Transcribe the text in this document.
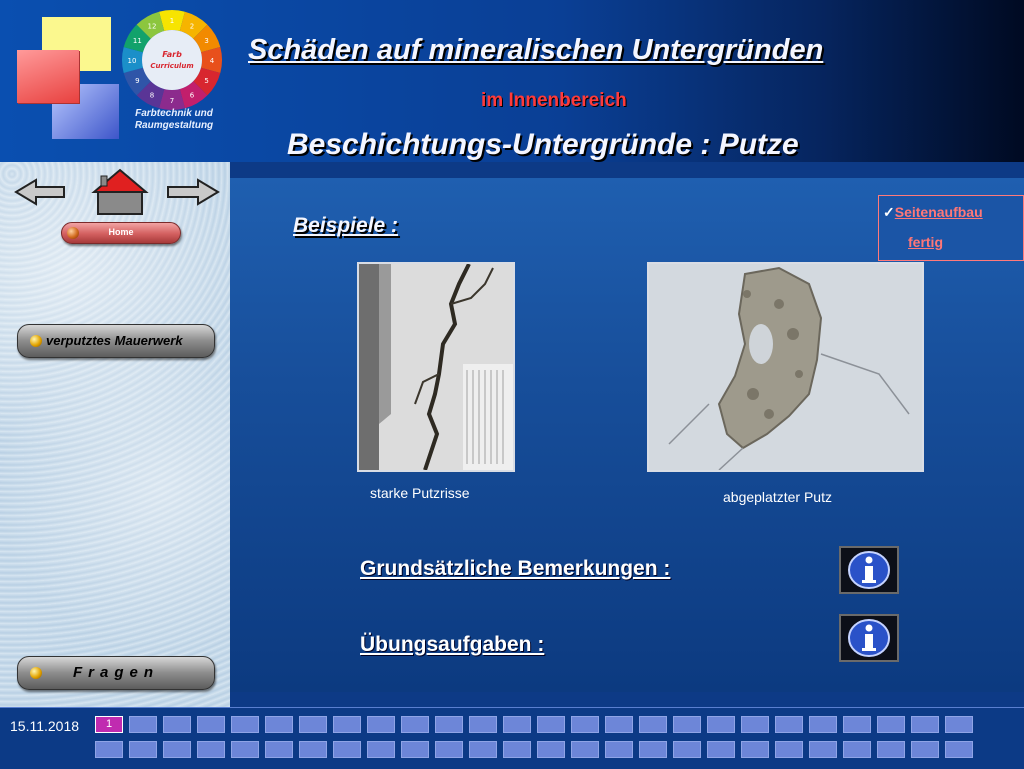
1
2
3
4
5
6
7
8
9
10
11
12
Farb
Curriculum
Farbtechnik und
Raumgestaltung
Schäden auf mineralischen Untergründen
im Innenbereich
Beschichtungs-Untergründe : Putze
Home
verputztes Mauerwerk
Fragen
Beispiele :
✓Seitenaufbau
fertig
starke Putzrisse	abgeplatzter Putz
Grundsätzliche Bemerkungen :
Übungsaufgaben :
15.11.2018	1
